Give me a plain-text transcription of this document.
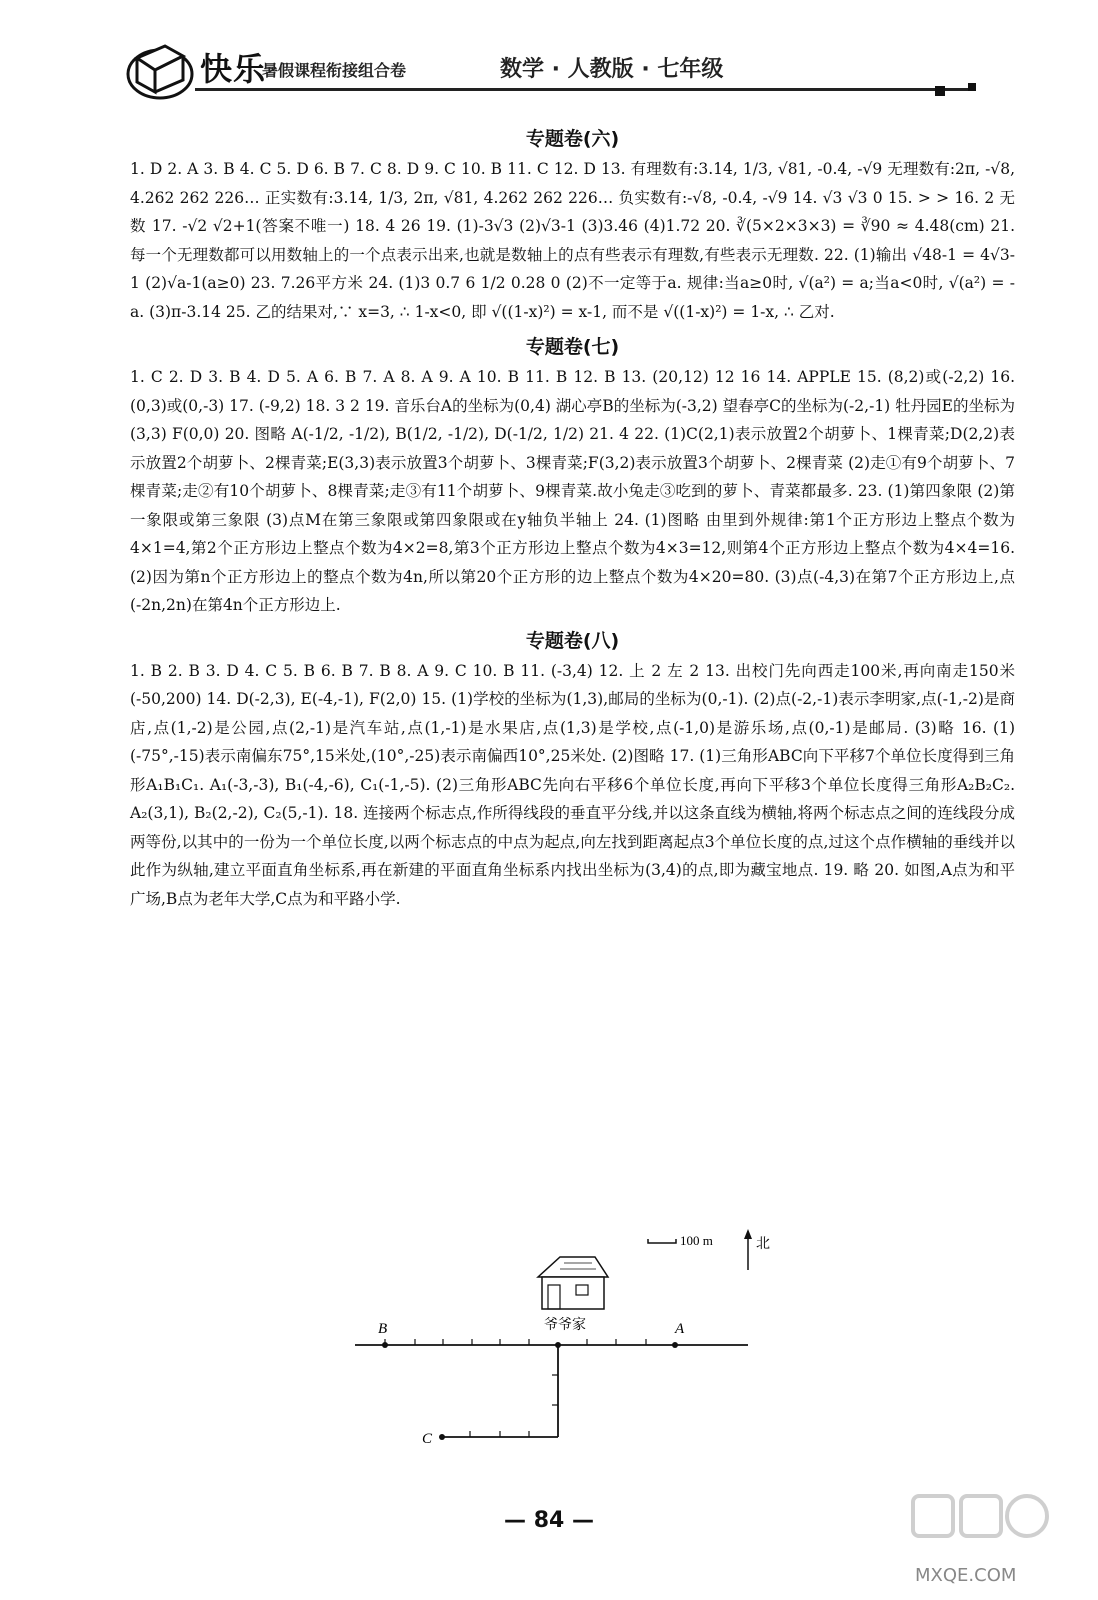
快乐
暑假课程衔接组合卷	数学 · 人教版 · 七年级
专题卷(六)

1. D 2. A 3. B 4. C 5. D 6. B 7. C 8. D 9. C 10. B 11. C 12. D 13. 有理数有:3.14, 1/3, √81, -0.4, -√9 无理数有:2π, -√8, 4.262 262 226… 正实数有:3.14, 1/3, 2π, √81, 4.262 262 226… 负实数有:-√8, -0.4, -√9 14. √3 √3 0 15. > > 16. 2 无数 17. -√2 √2+1(答案不唯一) 18. 4 26 19. (1)-3√3 (2)√3-1 (3)3.46 (4)1.72 20. ∛(5×2×3×3) = ∛90 ≈ 4.48(cm) 21. 每一个无理数都可以用数轴上的一个点表示出来,也就是数轴上的点有些表示有理数,有些表示无理数. 22. (1)输出 √48-1 = 4√3-1 (2)√a-1(a≥0) 23. 7.26平方米 24. (1)3 0.7 6 1/2 0.28 0 (2)不一定等于a. 规律:当a≥0时, √(a²) = a;当a<0时, √(a²) = -a. (3)π-3.14 25. 乙的结果对,∵ x=3, ∴ 1-x<0, 即 √((1-x)²) = x-1, 而不是 √((1-x)²) = 1-x, ∴ 乙对.

专题卷(七)

1. C 2. D 3. B 4. D 5. A 6. B 7. A 8. A 9. A 10. B 11. B 12. B 13. (20,12) 12 16 14. APPLE 15. (8,2)或(-2,2) 16. (0,3)或(0,-3) 17. (-9,2) 18. 3 2 19. 音乐台A的坐标为(0,4) 湖心亭B的坐标为(-3,2) 望春亭C的坐标为(-2,-1) 牡丹园E的坐标为(3,3) F(0,0) 20. 图略 A(-1/2, -1/2), B(1/2, -1/2), D(-1/2, 1/2) 21. 4 22. (1)C(2,1)表示放置2个胡萝卜、1棵青菜;D(2,2)表示放置2个胡萝卜、2棵青菜;E(3,3)表示放置3个胡萝卜、3棵青菜;F(3,2)表示放置3个胡萝卜、2棵青菜 (2)走①有9个胡萝卜、7棵青菜;走②有10个胡萝卜、8棵青菜;走③有11个胡萝卜、9棵青菜.故小兔走③吃到的萝卜、青菜都最多. 23. (1)第四象限 (2)第一象限或第三象限 (3)点M在第三象限或第四象限或在y轴负半轴上 24. (1)图略 由里到外规律:第1个正方形边上整点个数为4×1=4,第2个正方形边上整点个数为4×2=8,第3个正方形边上整点个数为4×3=12,则第4个正方形边上整点个数为4×4=16. (2)因为第n个正方形边上的整点个数为4n,所以第20个正方形的边上整点个数为4×20=80. (3)点(-4,3)在第7个正方形边上,点(-2n,2n)在第4n个正方形边上.

专题卷(八)

1. B 2. B 3. D 4. C 5. B 6. B 7. B 8. A 9. C 10. B 11. (-3,4) 12. 上 2 左 2 13. 出校门先向西走100米,再向南走150米 (-50,200) 14. D(-2,3), E(-4,-1), F(2,0) 15. (1)学校的坐标为(1,3),邮局的坐标为(0,-1). (2)点(-2,-1)表示李明家,点(-1,-2)是商店,点(1,-2)是公园,点(2,-1)是汽车站,点(1,-1)是水果店,点(1,3)是学校,点(-1,0)是游乐场,点(0,-1)是邮局. (3)略 16. (1)(-75°,-15)表示南偏东75°,15米处,(10°,-25)表示南偏西10°,25米处. (2)图略 17. (1)三角形ABC向下平移7个单位长度得到三角形A₁B₁C₁. A₁(-3,-3), B₁(-4,-6), C₁(-1,-5). (2)三角形ABC先向右平移6个单位长度,再向下平移3个单位长度得三角形A₂B₂C₂. A₂(3,1), B₂(2,-2), C₂(5,-1). 18. 连接两个标志点,作所得线段的垂直平分线,并以这条直线为横轴,将两个标志点之间的连线段分成两等份,以其中的一份为一个单位长度,以两个标志点的中点为起点,向左找到距离起点3个单位长度的点,过这个点作横轴的垂线并以此作为纵轴,建立平面直角坐标系,再在新建的平面直角坐标系内找出坐标为(3,4)的点,即为藏宝地点. 19. 略 20. 如图,A点为和平广场,B点为老年大学,C点为和平路小学.

100 m	北
爷爷家
B	A
C
— 84 —
MXQE.COM
